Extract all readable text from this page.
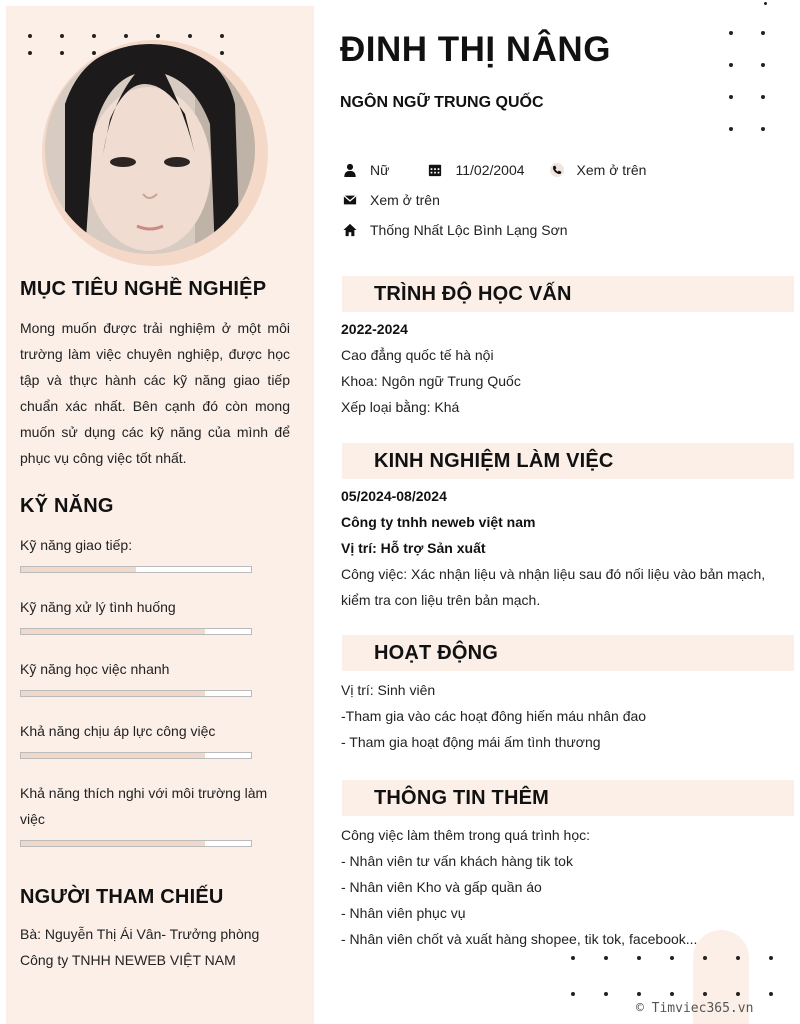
MỤC TIÊU NGHỀ NGHIỆP
Mong muốn được trải nghiệm ở một môi trường làm việc chuyên nghiệp, được học tập và thực hành các kỹ năng giao tiếp chuẩn xác nhất. Bên cạnh đó còn mong muốn sử dụng các kỹ năng của mình để phục vụ công việc tốt nhất.
KỸ NĂNG
Kỹ năng giao tiếp:
Kỹ năng xử lý tình huống
Kỹ năng học việc nhanh
Khả năng chịu áp lực công việc
Khả năng thích nghi với môi trường làm việc
NGƯỜI THAM CHIẾU
Bà: Nguyễn Thị Ái Vân- Trưởng phòng Công ty TNHH NEWEB VIỆT NAM
ĐINH THỊ NÂNG
NGÔN NGỮ TRUNG QUỐC
Nữ	11/02/2004	Xem ở trên
Xem ở trên
Thống Nhất Lộc Bình Lạng Sơn
TRÌNH ĐỘ HỌC VẤN
2022-2024
Cao đẳng quốc tế hà nội
Khoa: Ngôn ngữ Trung Quốc
Xếp loại bằng: Khá
KINH NGHIỆM LÀM VIỆC
05/2024-08/2024
Công ty tnhh neweb việt nam
Vị trí: Hỗ trợ Sản xuất
Công việc: Xác nhận liệu và nhận liệu sau đó nối liệu vào bản mạch, kiểm tra con liệu trên bản mạch.
HOẠT ĐỘNG
Vị trí: Sinh viên
-Tham gia vào các hoạt đông hiến máu nhân đao
- Tham gia hoạt động mái ấm tình thương
THÔNG TIN THÊM
Công việc làm thêm trong quá trình học:
- Nhân viên tư vấn khách hàng tik tok
- Nhân viên Kho và gấp quần áo
- Nhân viên phục vụ
- Nhân viên chốt và xuất hàng shopee, tik tok, facebook...
© Timviec365.vn
